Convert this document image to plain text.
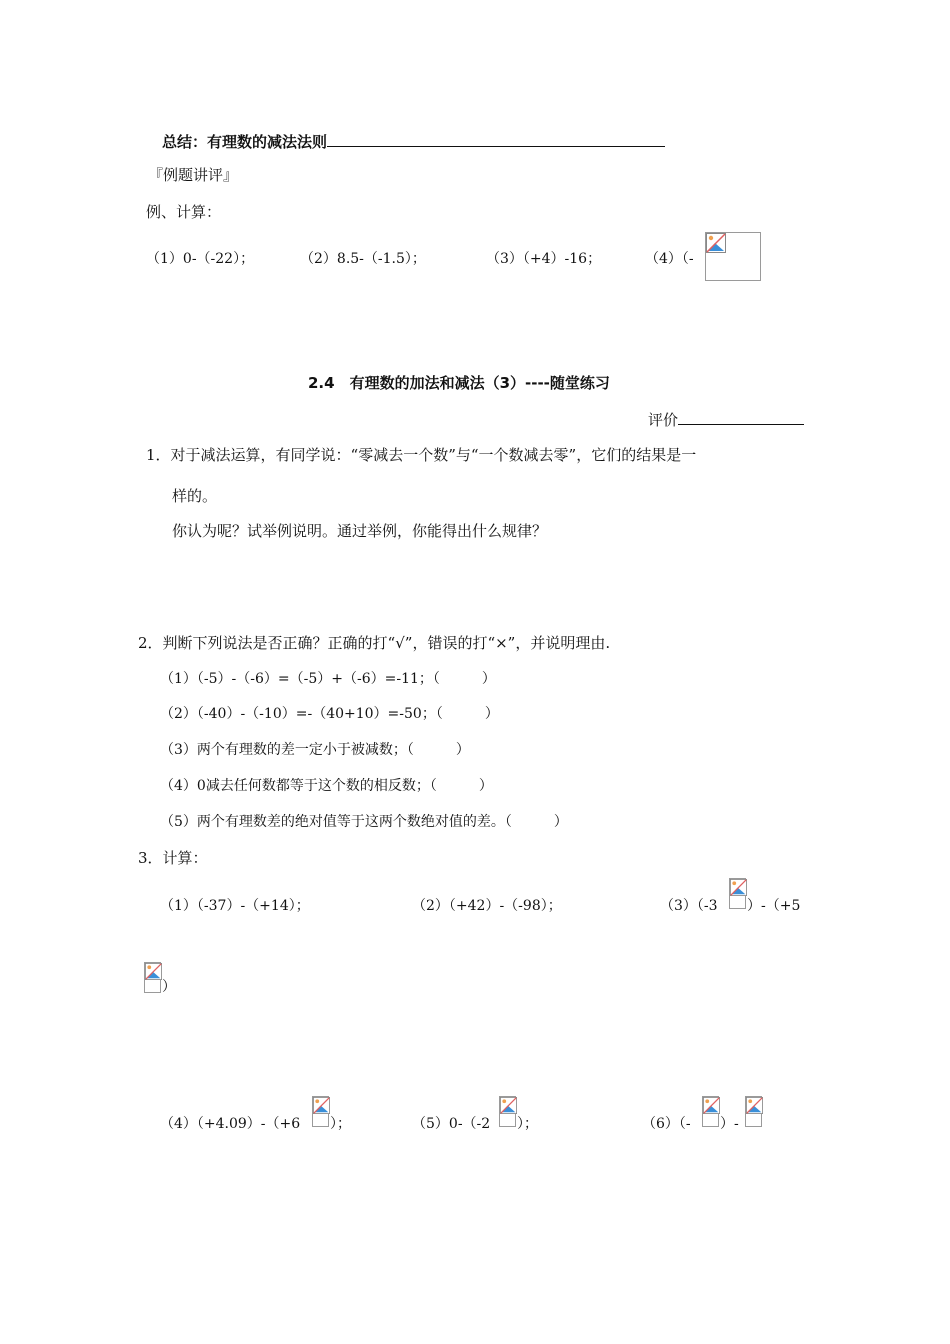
总结：有理数的减法法则
『例题讲评』
例、计算：
（1）0-（-22）；	（2）8.5-（-1.5）；	（3）（+4）-16；	（4）（-
2.4　有理数的加法和减法（3）----随堂练习
评价
1．对于减法运算，有同学说：“零减去一个数”与“一个数减去零”，它们的结果是一
样的。
你认为呢？试举例说明。通过举例，你能得出什么规律？
2．判断下列说法是否正确？正确的打“√”，错误的打“×”，并说明理由.
（1）（-5）-（-6）=（-5）+（-6）=-11；（　　　）
（2）（-40）-（-10）=-（40+10）=-50；（　　　）
（3）两个有理数的差一定小于被减数；（　　　）
（4）0减去任何数都等于这个数的相反数；（　　　）
（5）两个有理数差的绝对值等于这两个数绝对值的差。（　　　）
3．计算：
（1）（-37）-（+14）；	（2）（+42）-（-98）；	（3）（-3 ）-（+5
）
（4）（+4.09）-（+6 ）；	（5）0-（-2 ）；	（6）（- ）-
